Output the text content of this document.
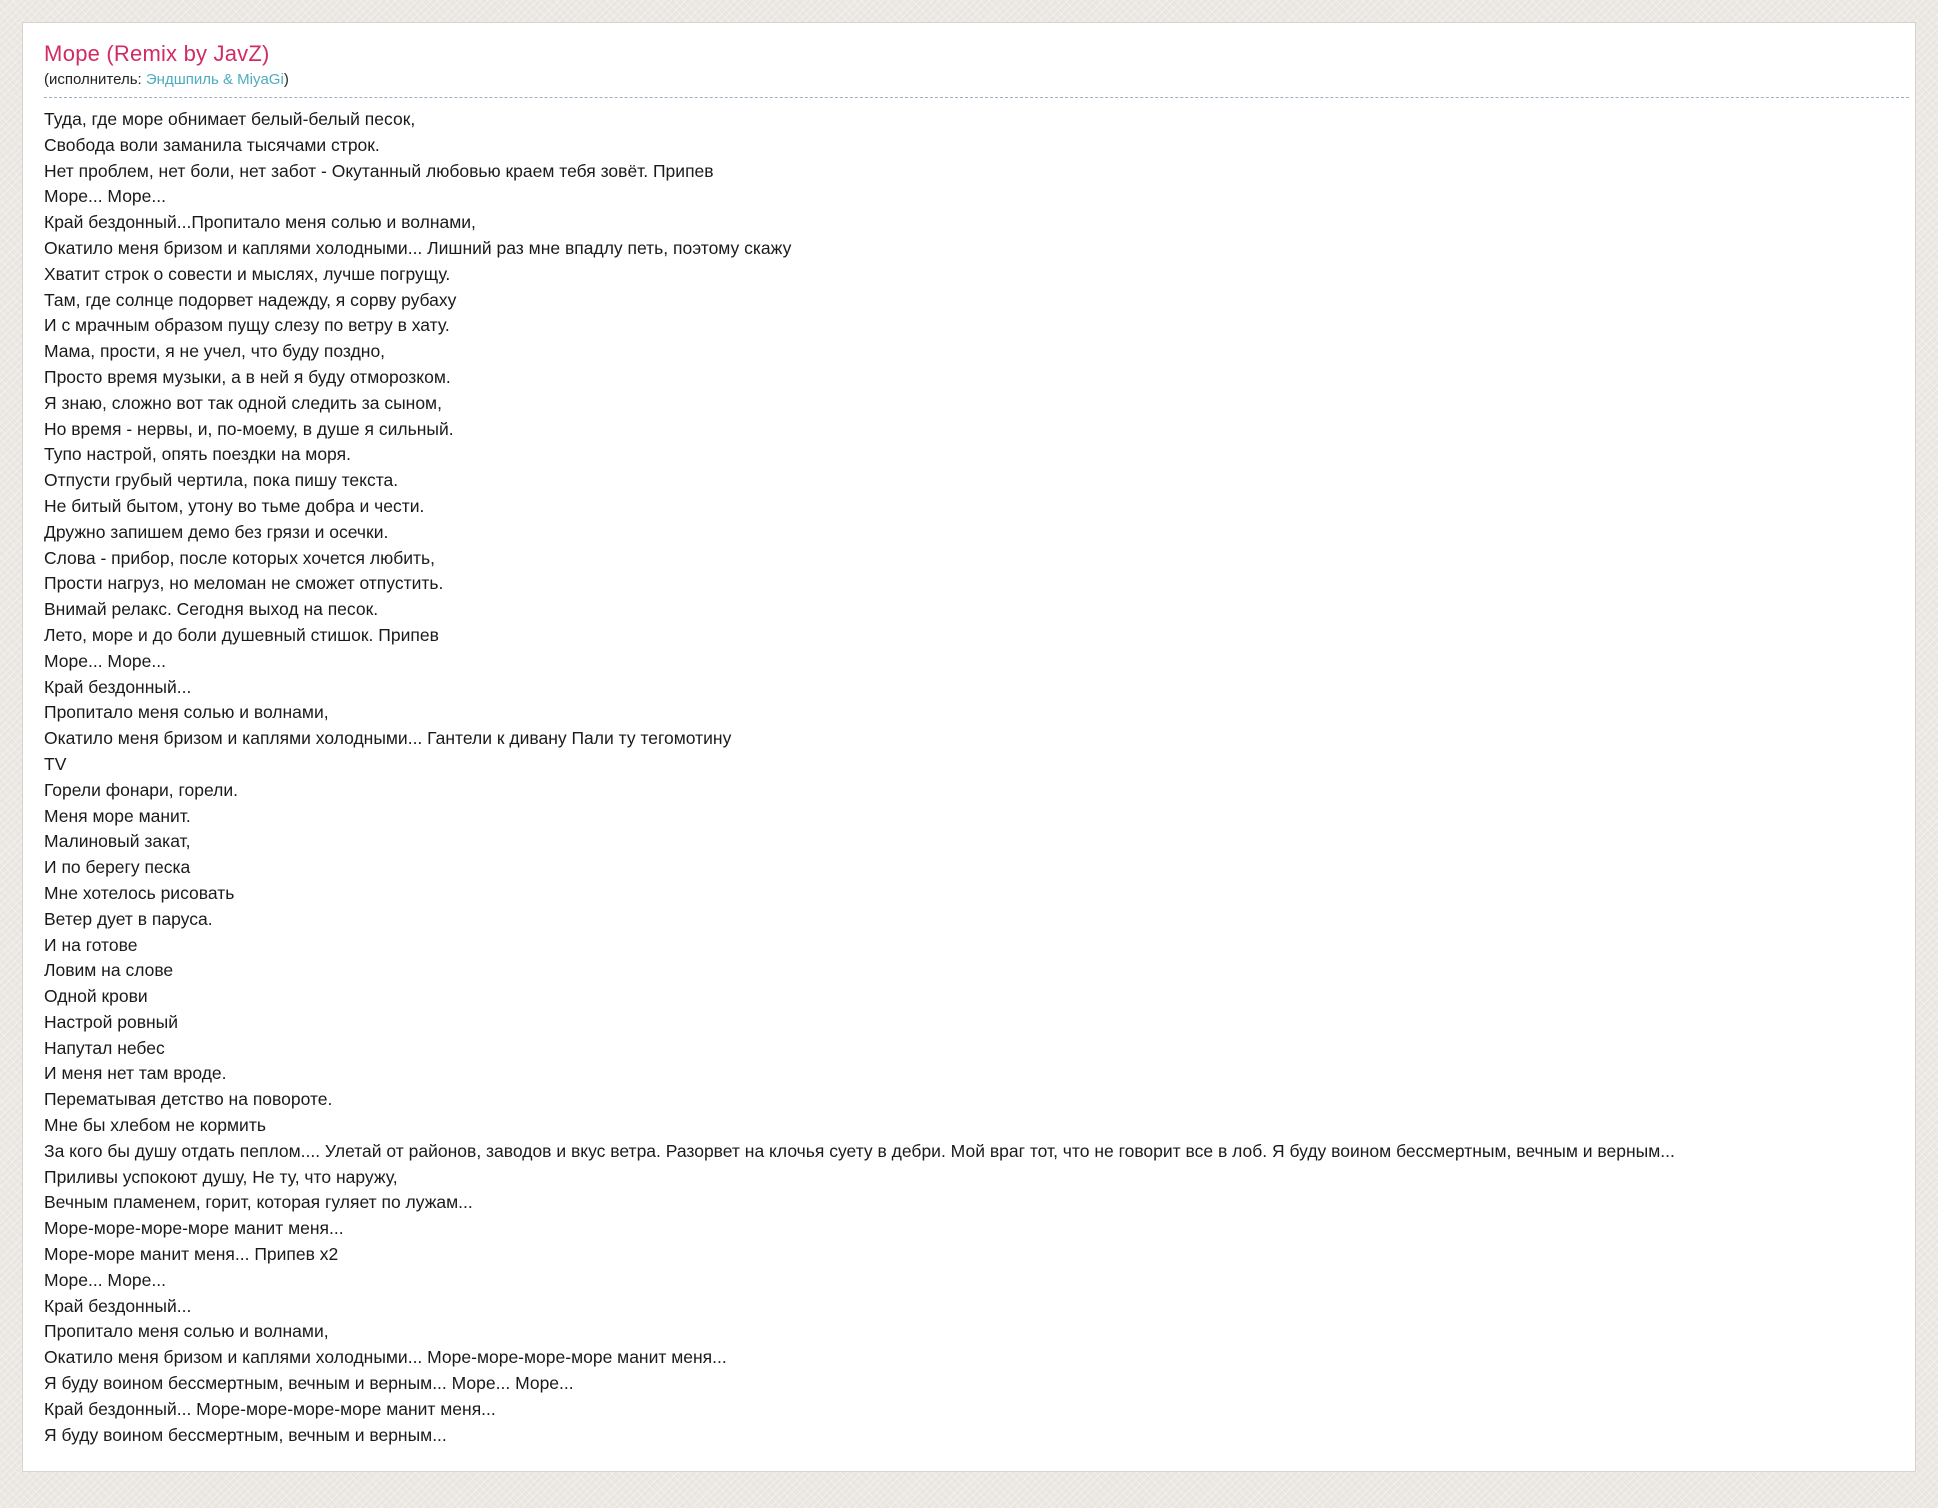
Море (Remix by JavZ)
(исполнитель: Эндшпиль & MiyaGi)
Туда, где море обнимает белый-белый песок,
Свобода воли заманила тысячами строк.
Нет проблем, нет боли, нет забот - Окутанный любовью краем тебя зовёт. Припев
Море... Море...
Край бездонный...Пропитало меня солью и волнами,
Окатило меня бризом и каплями холодными... Лишний раз мне впадлу петь, поэтому скажу
Хватит строк о совести и мыслях, лучше погрущу.
Там, где солнце подорвет надежду, я сорву рубаху
И с мрачным образом пущу слезу по ветру в хату.
Мама, прости, я не учел, что буду поздно,
Просто время музыки, а в ней я буду отморозком.
Я знаю, сложно вот так одной следить за сыном,
Но время - нервы, и, по-моему, в душе я сильный.
Тупо настрой, опять поездки на моря.
Отпусти грубый чертила, пока пишу текста.
Не битый бытом, утону во тьме добра и чести.
Дружно запишем демо без грязи и осечки.
Слова - прибор, после которых хочется любить,
Прости нагруз, но меломан не сможет отпустить.
Внимай релакс. Сегодня выход на песок.
Лето, море и до боли душевный стишок. Припев
Море... Море...
Край бездонный...
Пропитало меня солью и волнами,
Окатило меня бризом и каплями холодными... Гантели к дивану Пали ту тегомотину
TV
Горели фонари, горели.
Меня море манит.
Малиновый закат,
И по берегу песка
Мне хотелось рисовать
Ветер дует в паруса.
И на готове
Ловим на слове
Одной крови
Настрой ровный
Напутал небес
И меня нет там вроде.
Перематывая детство на повороте.
Мне бы хлебом не кормить
За кого бы душу отдать пеплом.... Улетай от районов, заводов и вкус ветра. Разорвет на клочья суету в дебри. Мой враг тот, что не говорит все в лоб. Я буду воином бессмертным, вечным и верным...
Приливы успокоют душу, Не ту, что наружу,
Вечным пламенем, горит, которая гуляет по лужам...
Море-море-море-море манит меня...
Море-море манит меня... Припев x2
Море... Море...
Край бездонный...
Пропитало меня солью и волнами,
Окатило меня бризом и каплями холодными... Море-море-море-море манит меня...
Я буду воином бессмертным, вечным и верным... Море... Море...
Край бездонный... Море-море-море-море манит меня...
Я буду воином бессмертным, вечным и верным...
